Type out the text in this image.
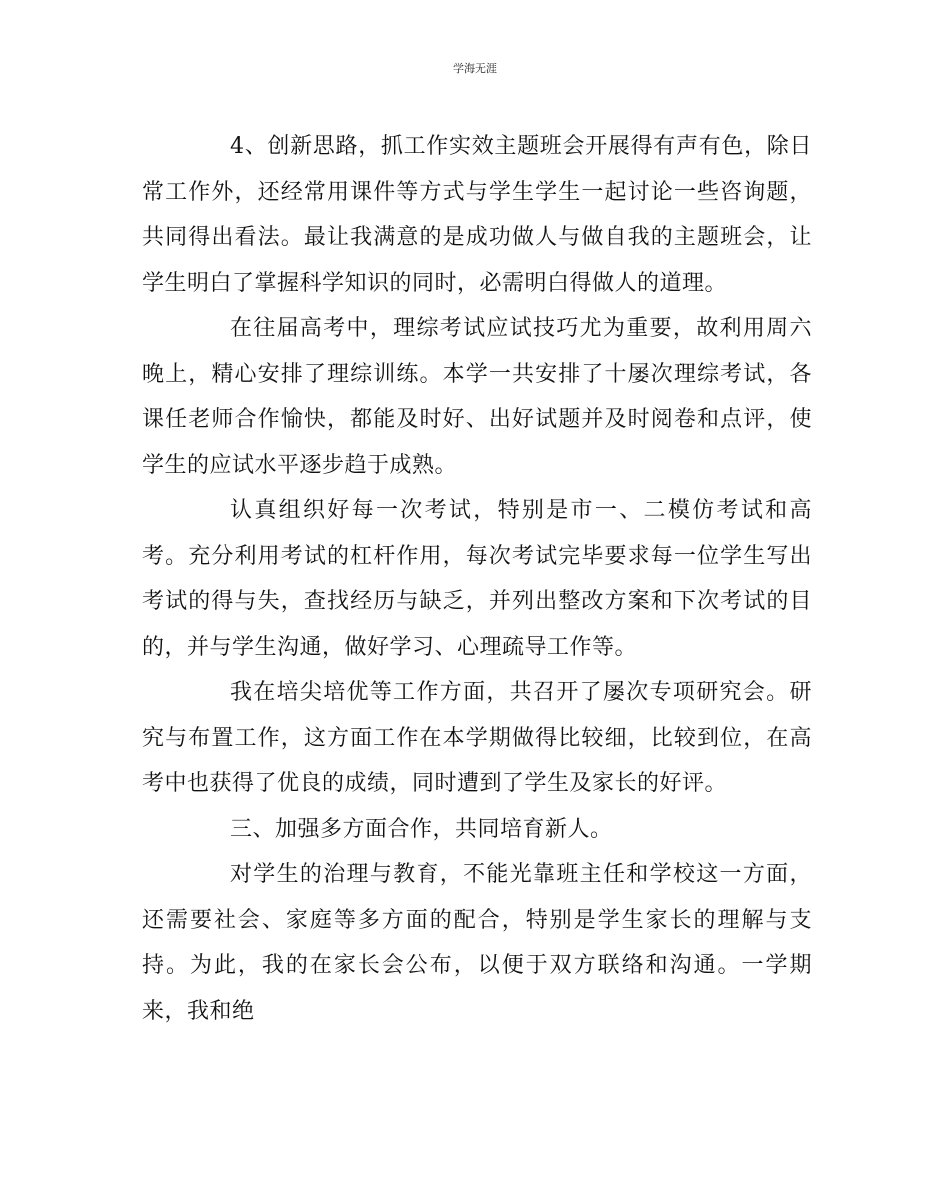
学海无涯

4、创新思路，抓工作实效主题班会开展得有声有色，除日常工作外，还经常用课件等方式与学生学生一起讨论一些咨询题，共同得出看法。最让我满意的是成功做人与做自我的主题班会，让学生明白了掌握科学知识的同时，必需明白得做人的道理。

在往届高考中，理综考试应试技巧尤为重要，故利用周六晚上，精心安排了理综训练。本学一共安排了十屡次理综考试，各课任老师合作愉快，都能及时好、出好试题并及时阅卷和点评，使学生的应试水平逐步趋于成熟。

认真组织好每一次考试，特别是市一、二模仿考试和高考。充分利用考试的杠杆作用，每次考试完毕要求每一位学生写出考试的得与失，查找经历与缺乏，并列出整改方案和下次考试的目的，并与学生沟通，做好学习、心理疏导工作等。

我在培尖培优等工作方面，共召开了屡次专项研究会。研究与布置工作，这方面工作在本学期做得比较细，比较到位，在高考中也获得了优良的成绩，同时遭到了学生及家长的好评。

三、加强多方面合作，共同培育新人。

对学生的治理与教育，不能光靠班主任和学校这一方面，还需要社会、家庭等多方面的配合，特别是学生家长的理解与支持。为此，我的在家长会公布，以便于双方联络和沟通。一学期来，我和绝
